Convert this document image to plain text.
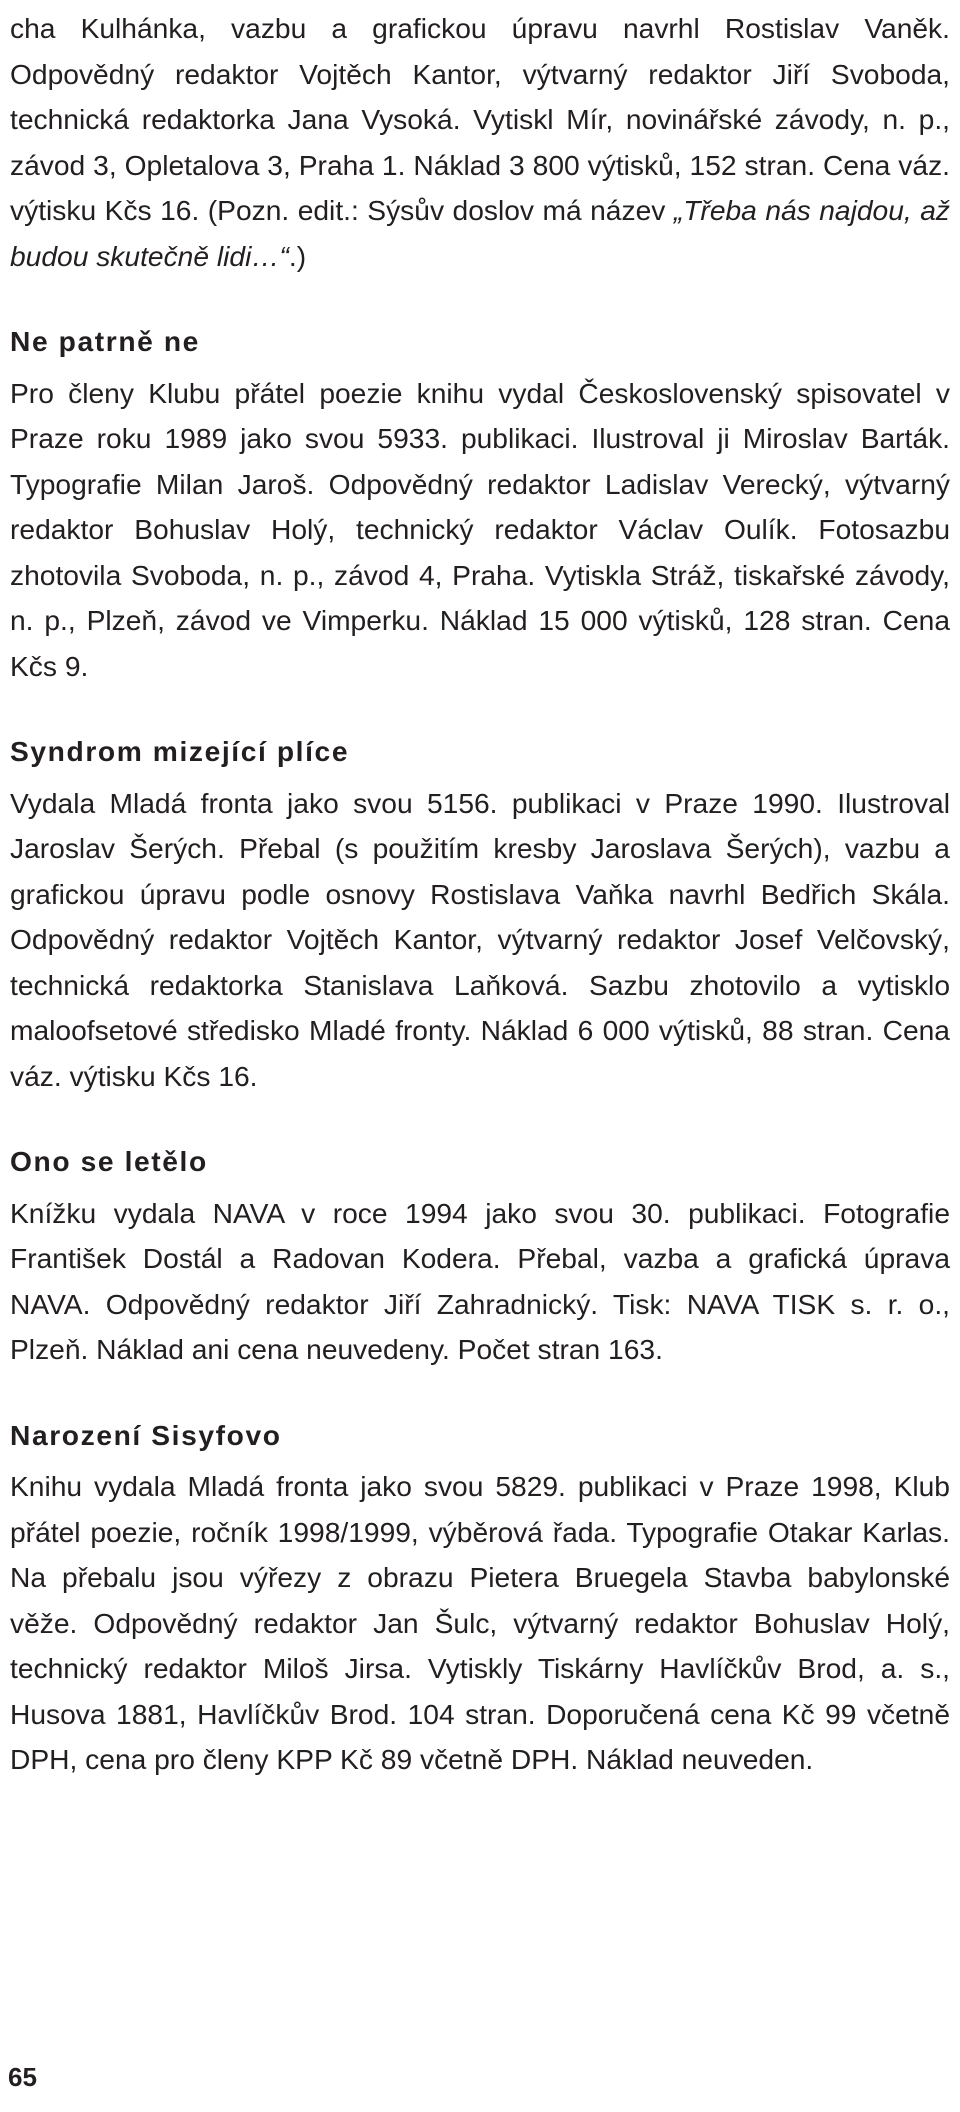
cha Kulhánka, vazbu a grafickou úpravu navrhl Rostislav Vaněk. Odpovědný redaktor Vojtěch Kantor, výtvarný redaktor Jiří Svoboda, technická redaktorka Jana Vysoká. Vytiskl Mír, novinářské závody, n. p., závod 3, Opletalova 3, Praha 1. Náklad 3 800 výtisků, 152 stran. Cena váz. výtisku Kčs 16. (Pozn. edit.: Sýsův doslov má název „Třeba nás najdou, až budou skutečně lidi…“.)

Ne patrně ne

Pro členy Klubu přátel poezie knihu vydal Československý spisovatel v Praze roku 1989 jako svou 5933. publikaci. Ilustroval ji Miroslav Barták. Typografie Milan Jaroš. Odpovědný redaktor Ladislav Verecký, výtvarný redaktor Bohuslav Holý, technický redaktor Václav Oulík. Fotosazbu zhotovila Svoboda, n. p., závod 4, Praha. Vytiskla Stráž, tiskařské závody, n. p., Plzeň, závod ve Vimperku. Náklad 15 000 výtisků, 128 stran. Cena Kčs 9.

Syndrom mizející plíce

Vydala Mladá fronta jako svou 5156. publikaci v Praze 1990. Ilustroval Jaroslav Šerých. Přebal (s použitím kresby Jaroslava Šerých), vazbu a grafickou úpravu podle osnovy Rostislava Vaňka navrhl Bedřich Skála. Odpovědný redaktor Vojtěch Kantor, výtvarný redaktor Josef Velčovský, technická redaktorka Stanislava Laňková. Sazbu zhotovilo a vytisklo maloofsetové středisko Mladé fronty. Náklad 6 000 výtisků, 88 stran. Cena váz. výtisku Kčs 16.

Ono se letělo

Knížku vydala NAVA v roce 1994 jako svou 30. publikaci. Fotografie František Dostál a Radovan Kodera. Přebal, vazba a grafická úprava NAVA. Odpovědný redaktor Jiří Zahradnický. Tisk: NAVA TISK s. r. o., Plzeň. Náklad ani cena neuvedeny. Počet stran 163.

Narození Sisyfovo

Knihu vydala Mladá fronta jako svou 5829. publikaci v Praze 1998, Klub přátel poezie, ročník 1998/1999, výběrová řada. Typografie Otakar Karlas. Na přebalu jsou výřezy z obrazu Pietera Bruegela Stavba babylonské věže. Odpovědný redaktor Jan Šulc, výtvarný redaktor Bohuslav Holý, technický redaktor Miloš Jirsa. Vytiskly Tiskárny Havlíčkův Brod, a. s., Husova 1881, Havlíčkův Brod. 104 stran. Doporučená cena Kč 99 včetně DPH, cena pro členy KPP Kč 89 včetně DPH. Náklad neuveden.

65
